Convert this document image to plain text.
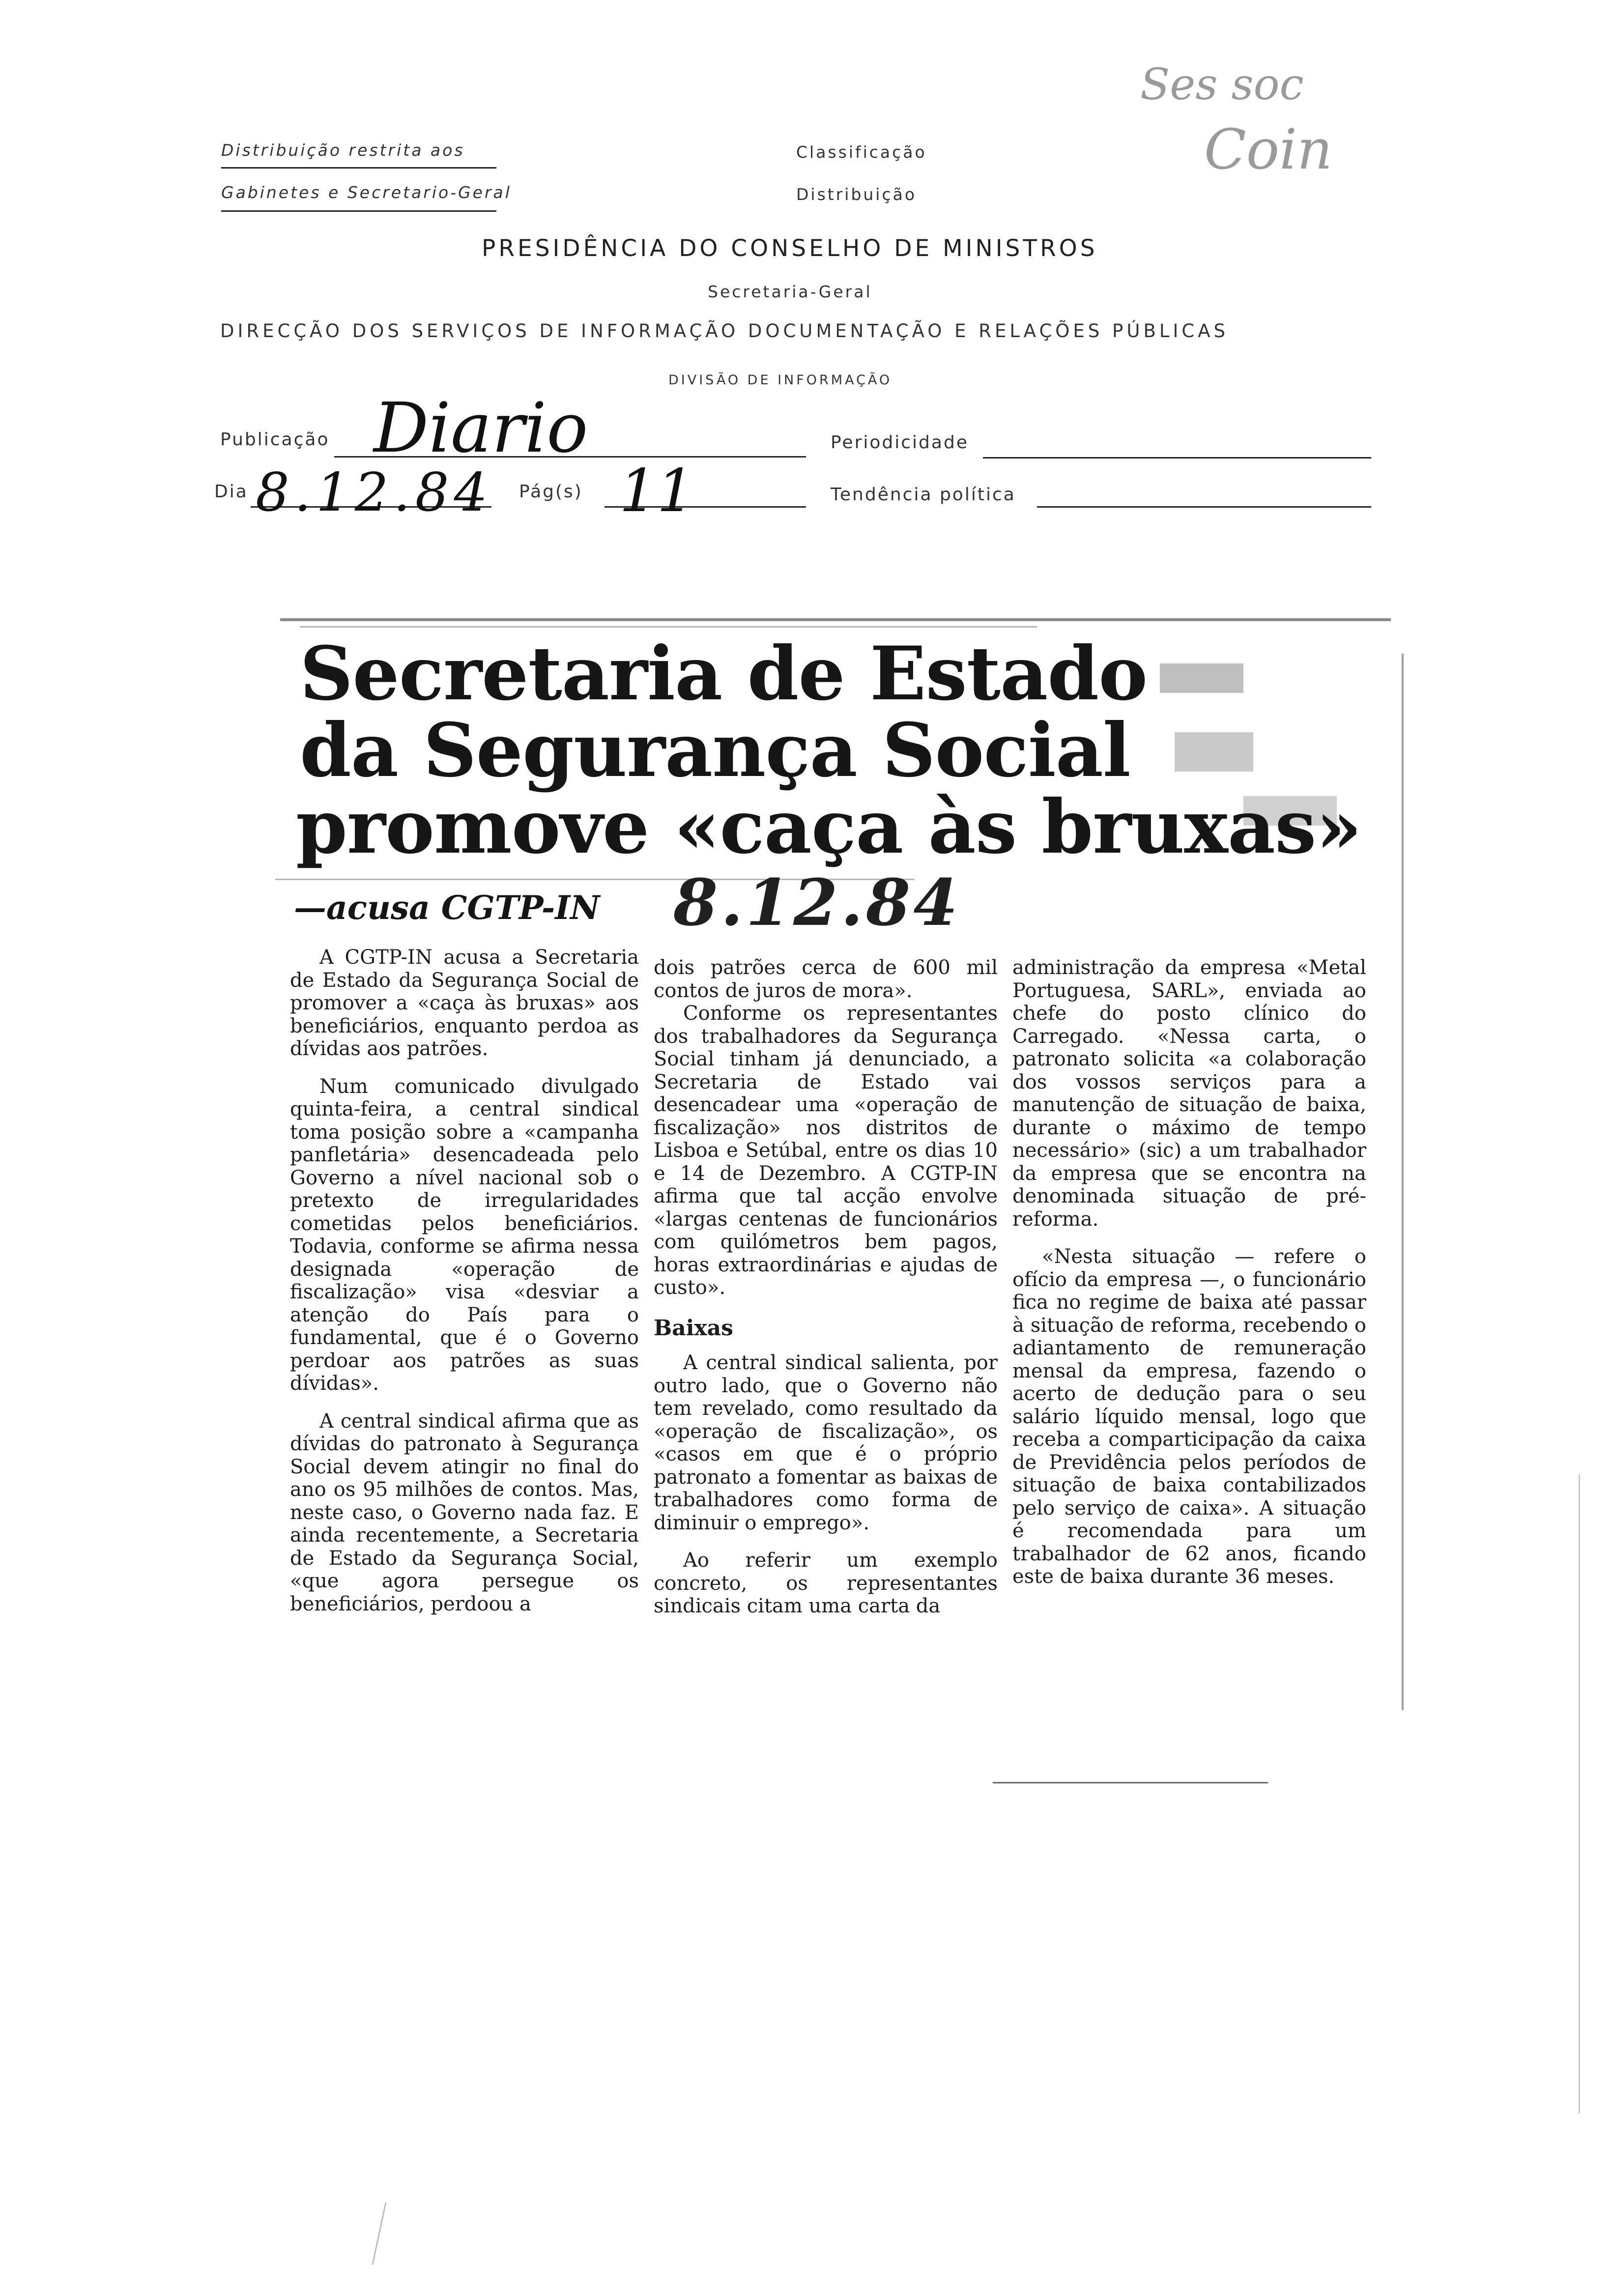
Ses soc
Coin
Distribuição restrita aos
Gabinetes e Secretario-Geral
Classificação
Distribuição
PRESIDÊNCIA DO CONSELHO DE MINISTROS
Secretaria-Geral
DIRECÇÃO DOS SERVIÇOS DE INFORMAÇÃO DOCUMENTAÇÃO E RELAÇÕES PÚBLICAS
DIVISÃO DE INFORMAÇÃO
Publicação Diario	Periodicidade
Dia 8.12.84 Pág(s) 11	Tendência política
Secretaria de Estado
da Segurança Social
promove «caça às bruxas»
—acusa CGTP-IN 8.12.84

A CGTP-IN acusa a Secretaria de Estado da Segurança Social de promover a «caça às bruxas» aos beneficiários, enquanto perdoa as dívidas aos patrões.

Num comunicado divulgado quinta-feira, a central sindical toma posição sobre a «campanha panfletária» desencadeada pelo Governo a nível nacional sob o pretexto de irregularidades cometidas pelos beneficiários. Todavia, conforme se afirma nessa designada «operação de fiscalização» visa «desviar a atenção do País para o fundamental, que é o Governo perdoar aos patrões as suas dívidas».

A central sindical afirma que as dívidas do patronato à Segurança Social devem atingir no final do ano os 95 milhões de contos. Mas, neste caso, o Governo nada faz. E ainda recentemente, a Secretaria de Estado da Segurança Social, «que agora persegue os beneficiários, perdoou a

dois patrões cerca de 600 mil contos de juros de mora».

Conforme os representantes dos trabalhadores da Segurança Social tinham já denunciado, a Secretaria de Estado vai desencadear uma «operação de fiscalização» nos distritos de Lisboa e Setúbal, entre os dias 10 e 14 de Dezembro. A CGTP-IN afirma que tal acção envolve «largas centenas de funcionários com quilómetros bem pagos, horas extraordinárias e ajudas de custo».

Baixas

A central sindical salienta, por outro lado, que o Governo não tem revelado, como resultado da «operação de fiscalização», os «casos em que é o próprio patronato a fomentar as baixas de trabalhadores como forma de diminuir o emprego».

Ao referir um exemplo concreto, os representantes sindicais citam uma carta da

administração da empresa «Metal Portuguesa, SARL», enviada ao chefe do posto clínico do Carregado. «Nessa carta, o patronato solicita «a colaboração dos vossos serviços para a manutenção de situação de baixa, durante o máximo de tempo necessário» (sic) a um trabalhador da empresa que se encontra na denominada situação de pré-reforma.

«Nesta situação — refere o ofício da empresa —, o funcionário fica no regime de baixa até passar à situação de reforma, recebendo o adiantamento de remuneração mensal da empresa, fazendo o acerto de dedução para o seu salário líquido mensal, logo que receba a comparticipação da caixa de Previdência pelos períodos de situação de baixa contabilizados pelo serviço de caixa». A situação é recomendada para um trabalhador de 62 anos, ficando este de baixa durante 36 meses.
